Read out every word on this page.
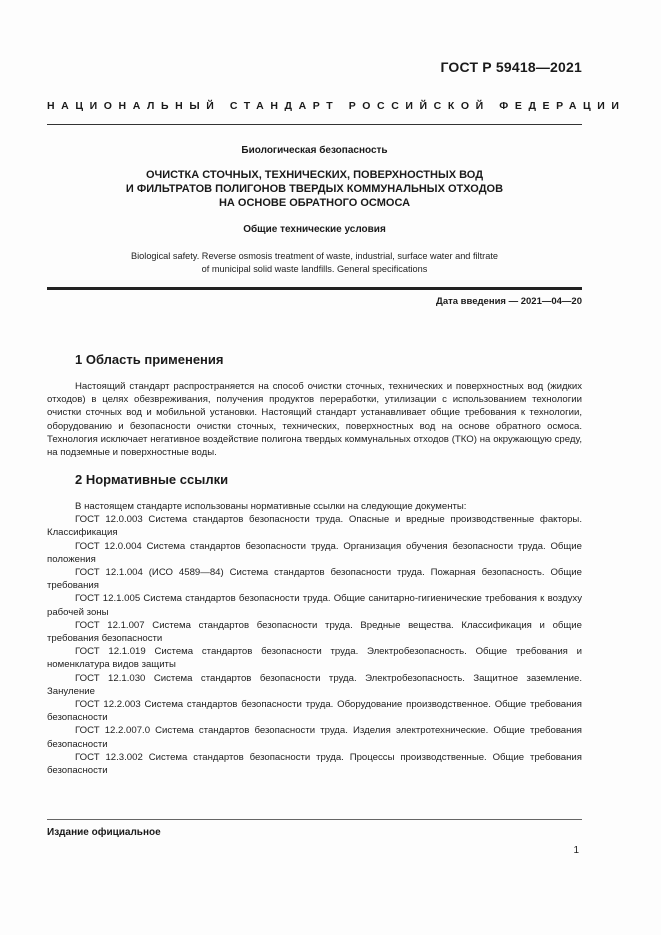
ГОСТ Р 59418—2021
НАЦИОНАЛЬНЫЙ СТАНДАРТ РОССИЙСКОЙ ФЕДЕРАЦИИ
Биологическая безопасность
ОЧИСТКА СТОЧНЫХ, ТЕХНИЧЕСКИХ, ПОВЕРХНОСТНЫХ ВОД
И ФИЛЬТРАТОВ ПОЛИГОНОВ ТВЕРДЫХ КОММУНАЛЬНЫХ ОТХОДОВ
НА ОСНОВЕ ОБРАТНОГО ОСМОСА
Общие технические условия
Biological safety. Reverse osmosis treatment of waste, industrial, surface water and filtrate
of municipal solid waste landfills. General specifications
Дата введения — 2021—04—20
1 Область применения
Настоящий стандарт распространяется на способ очистки сточных, технических и поверхностных вод (жидких отходов) в целях обезвреживания, получения продуктов переработки, утилизации с использованием технологии очистки сточных вод и мобильной установки. Настоящий стандарт устанавливает общие требования к технологии, оборудованию и безопасности очистки сточных, технических, поверхностных вод на основе обратного осмоса. Технология исключает негативное воздействие полигона твердых коммунальных отходов (ТКО) на окружающую среду, на подземные и поверхностные воды.
2 Нормативные ссылки

В настоящем стандарте использованы нормативные ссылки на следующие документы:

ГОСТ 12.0.003 Система стандартов безопасности труда. Опасные и вредные производственные факторы. Классификация

ГОСТ 12.0.004 Система стандартов безопасности труда. Организация обучения безопасности труда. Общие положения

ГОСТ 12.1.004 (ИСО 4589—84) Система стандартов безопасности труда. Пожарная безопасность. Общие требования

ГОСТ 12.1.005 Система стандартов безопасности труда. Общие санитарно-гигиенические требования к воздуху рабочей зоны

ГОСТ 12.1.007 Система стандартов безопасности труда. Вредные вещества. Классификация и общие требования безопасности

ГОСТ 12.1.019 Система стандартов безопасности труда. Электробезопасность. Общие требования и номенклатура видов защиты

ГОСТ 12.1.030 Система стандартов безопасности труда. Электробезопасность. Защитное заземление. Зануление

ГОСТ 12.2.003 Система стандартов безопасности труда. Оборудование производственное. Общие требования безопасности

ГОСТ 12.2.007.0 Система стандартов безопасности труда. Изделия электротехнические. Общие требования безопасности

ГОСТ 12.3.002 Система стандартов безопасности труда. Процессы производственные. Общие требования безопасности

Издание официальное
1
